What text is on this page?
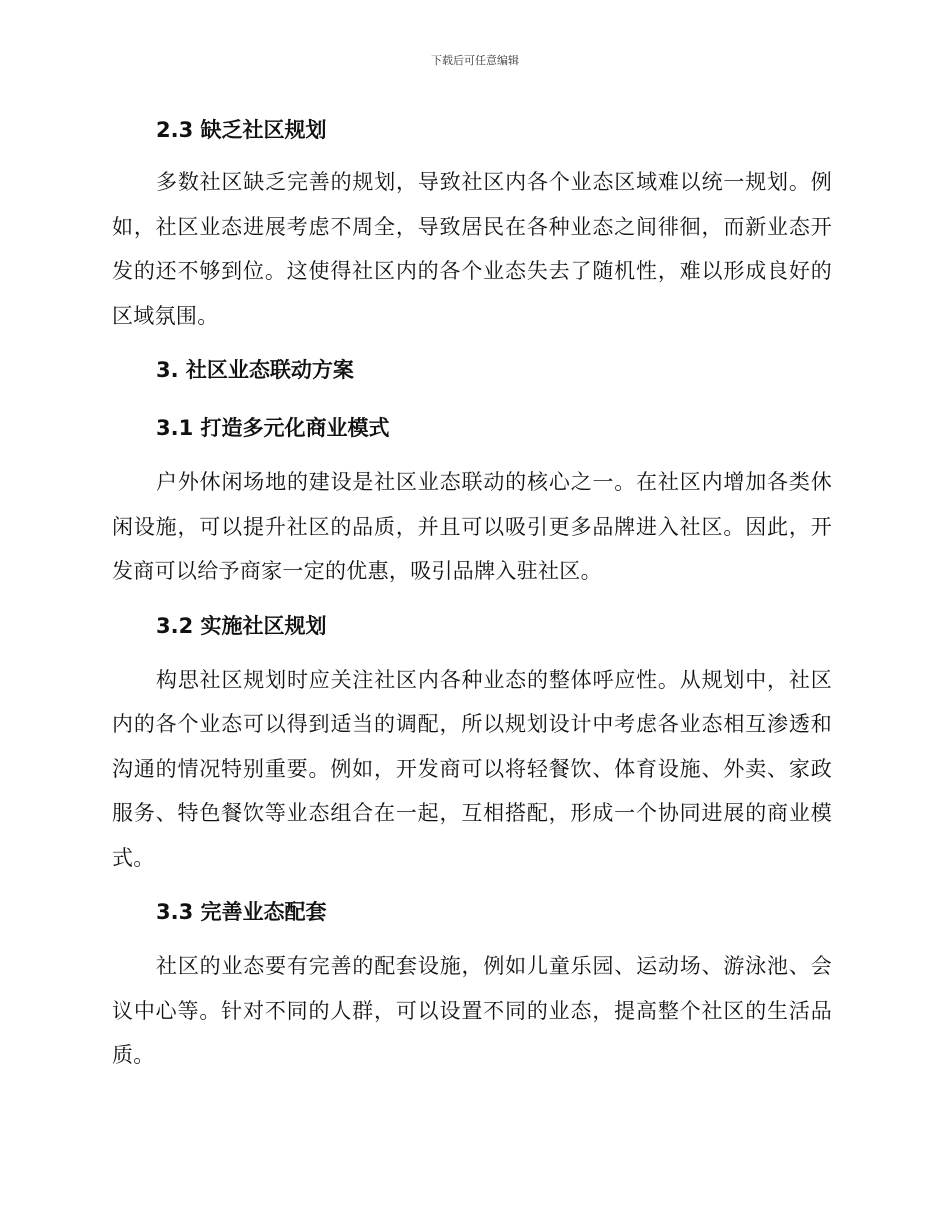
下载后可任意编辑
2.3 缺乏社区规划

多数社区缺乏完善的规划，导致社区内各个业态区域难以统一规划。例如，社区业态进展考虑不周全，导致居民在各种业态之间徘徊，而新业态开发的还不够到位。这使得社区内的各个业态失去了随机性，难以形成良好的区域氛围。

3. 社区业态联动方案
3.1 打造多元化商业模式

户外休闲场地的建设是社区业态联动的核心之一。在社区内增加各类休闲设施，可以提升社区的品质，并且可以吸引更多品牌进入社区。因此，开发商可以给予商家一定的优惠，吸引品牌入驻社区。

3.2 实施社区规划

构思社区规划时应关注社区内各种业态的整体呼应性。从规划中，社区内的各个业态可以得到适当的调配，所以规划设计中考虑各业态相互渗透和沟通的情况特别重要。例如，开发商可以将轻餐饮、体育设施、外卖、家政服务、特色餐饮等业态组合在一起，互相搭配，形成一个协同进展的商业模式。

3.3 完善业态配套

社区的业态要有完善的配套设施，例如儿童乐园、运动场、游泳池、会议中心等。针对不同的人群，可以设置不同的业态，提高整个社区的生活品质。
